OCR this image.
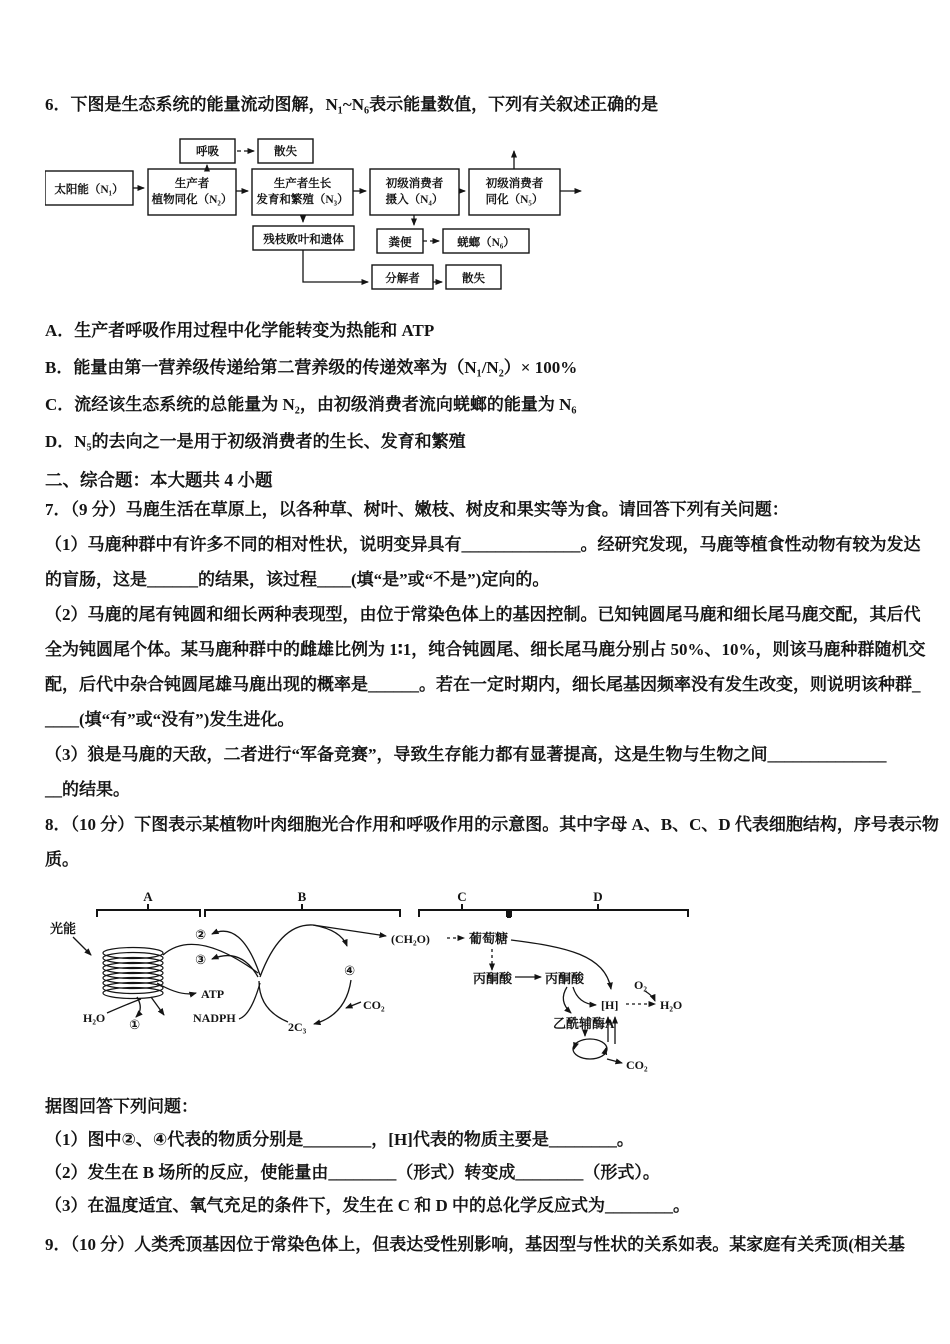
6．下图是生态系统的能量流动图解，N₁~N₆表示能量数值，下列有关叙述正确的是
太阳能（N₁）
呼吸	散失
生产者
植物同化（N₂）
生产者生长
发育和繁殖（N₃）
初级消费者
摄入（N₄）
初级消费者
同化（N₅）
残枝败叶和遗体	粪便	蜣螂（N₆）
分解者	散失
A．生产者呼吸作用过程中化学能转变为热能和 ATP
B．能量由第一营养级传递给第二营养级的传递效率为（N₁/N₂）× 100%
C．流经该生态系统的总能量为 N₂，由初级消费者流向蜣螂的能量为 N₆
D．N₅的去向之一是用于初级消费者的生长、发育和繁殖
二、综合题：本大题共 4 小题
7．（9 分）马鹿生活在草原上，以各种草、树叶、嫩枝、树皮和果实等为食。请回答下列有关问题：
（1）马鹿种群中有许多不同的相对性状，说明变异具有______________。经研究发现，马鹿等植食性动物有较为发达
的盲肠，这是______的结果，该过程____(填“是”或“不是”)定向的。
（2）马鹿的尾有钝圆和细长两种表现型，由位于常染色体上的基因控制。已知钝圆尾马鹿和细长尾马鹿交配，其后代
全为钝圆尾个体。某马鹿种群中的雌雄比例为 1∶1，纯合钝圆尾、细长尾马鹿分别占 50%、10%，则该马鹿种群随机交
配，后代中杂合钝圆尾雄马鹿出现的概率是______。若在一定时期内，细长尾基因频率没有发生改变，则说明该种群_
____(填“有”或“没有”)发生进化。
（3）狼是马鹿的天敌，二者进行“军备竞赛”，导致生存能力都有显著提高，这是生物与生物之间______________
__的结果。
8．（10 分）下图表示某植物叶肉细胞光合作用和呼吸作用的示意图。其中字母 A、B、C、D 代表细胞结构，序号表示物
质。
A	B	C	D
光能
H₂O ①
②
③
④
ATP
NADPH
2C₃
CO₂
(CH₂O)	葡萄糖
丙酮酸	丙酮酸
乙酰辅酶A
[H]
O₂
H₂O
CO₂
据图回答下列问题：
（1）图中②、④代表的物质分别是________，[H]代表的物质主要是________。
（2）发生在 B 场所的反应，使能量由________（形式）转变成________（形式）。
（3）在温度适宜、氧气充足的条件下，发生在 C 和 D 中的总化学反应式为________。
9．（10 分）人类秃顶基因位于常染色体上，但表达受性别影响，基因型与性状的关系如表。某家庭有关秃顶(相关基
